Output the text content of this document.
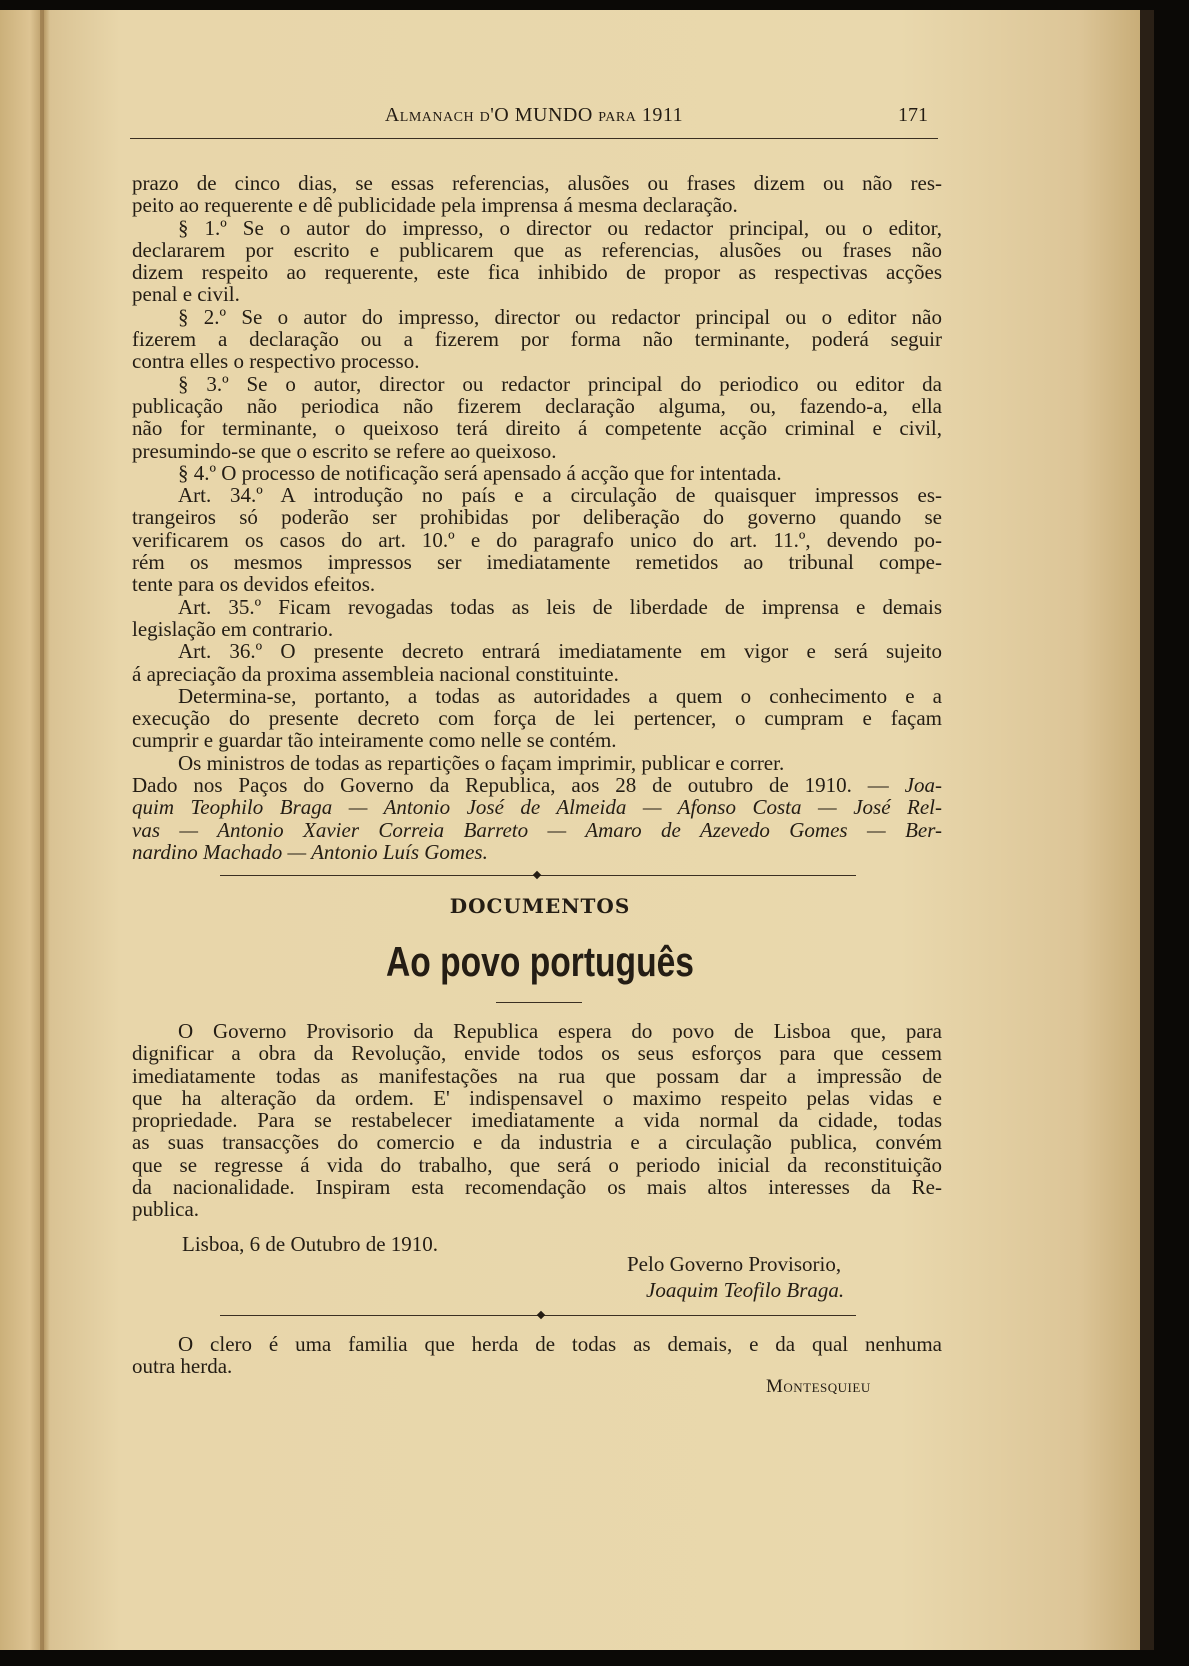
Almanach d'O MUNDO para 1911	171
prazo de cinco dias, se essas referencias, alusões ou frases dizem ou não res-
peito ao requerente e dê publicidade pela imprensa á mesma declaração.
§ 1.º Se o autor do impresso, o director ou redactor principal, ou o editor,
declararem por escrito e publicarem que as referencias, alusões ou frases não
dizem respeito ao requerente, este fica inhibido de propor as respectivas acções
penal e civil.
§ 2.º Se o autor do impresso, director ou redactor principal ou o editor não
fizerem a declaração ou a fizerem por forma não terminante, poderá seguir
contra elles o respectivo processo.
§ 3.º Se o autor, director ou redactor principal do periodico ou editor da
publicação não periodica não fizerem declaração alguma, ou, fazendo-a, ella
não for terminante, o queixoso terá direito á competente acção criminal e civil,
presumindo-se que o escrito se refere ao queixoso.
§ 4.º O processo de notificação será apensado á acção que for intentada.
Art. 34.º A introdução no país e a circulação de quaisquer impressos es-
trangeiros só poderão ser prohibidas por deliberação do governo quando se
verificarem os casos do art. 10.º e do paragrafo unico do art. 11.º, devendo po-
rém os mesmos impressos ser imediatamente remetidos ao tribunal compe-
tente para os devidos efeitos.
Art. 35.º Ficam revogadas todas as leis de liberdade de imprensa e demais
legislação em contrario.
Art. 36.º O presente decreto entrará imediatamente em vigor e será sujeito
á apreciação da proxima assembleia nacional constituinte.
Determina-se, portanto, a todas as autoridades a quem o conhecimento e a
execução do presente decreto com força de lei pertencer, o cumpram e façam
cumprir e guardar tão inteiramente como nelle se contém.
Os ministros de todas as repartições o façam imprimir, publicar e correr.
Dado nos Paços do Governo da Republica, aos 28 de outubro de 1910. — Joa-
quim Teophilo Braga — Antonio José de Almeida — Afonso Costa — José Rel-
vas — Antonio Xavier Correia Barreto — Amaro de Azevedo Gomes — Ber-
nardino Machado — Antonio Luís Gomes.
DOCUMENTOS
Ao povo português
O Governo Provisorio da Republica espera do povo de Lisboa que, para
dignificar a obra da Revolução, envide todos os seus esforços para que cessem
imediatamente todas as manifestações na rua que possam dar a impressão de
que ha alteração da ordem. E' indispensavel o maximo respeito pelas vidas e
propriedade. Para se restabelecer imediatamente a vida normal da cidade, todas
as suas transacções do comercio e da industria e a circulação publica, convém
que se regresse á vida do trabalho, que será o periodo inicial da reconstituição
da nacionalidade. Inspiram esta recomendação os mais altos interesses da Re-
publica.
Lisboa, 6 de Outubro de 1910.
Pelo Governo Provisorio,
Joaquim Teofilo Braga.
O clero é uma familia que herda de todas as demais, e da qual nenhuma
outra herda.
Montesquieu
